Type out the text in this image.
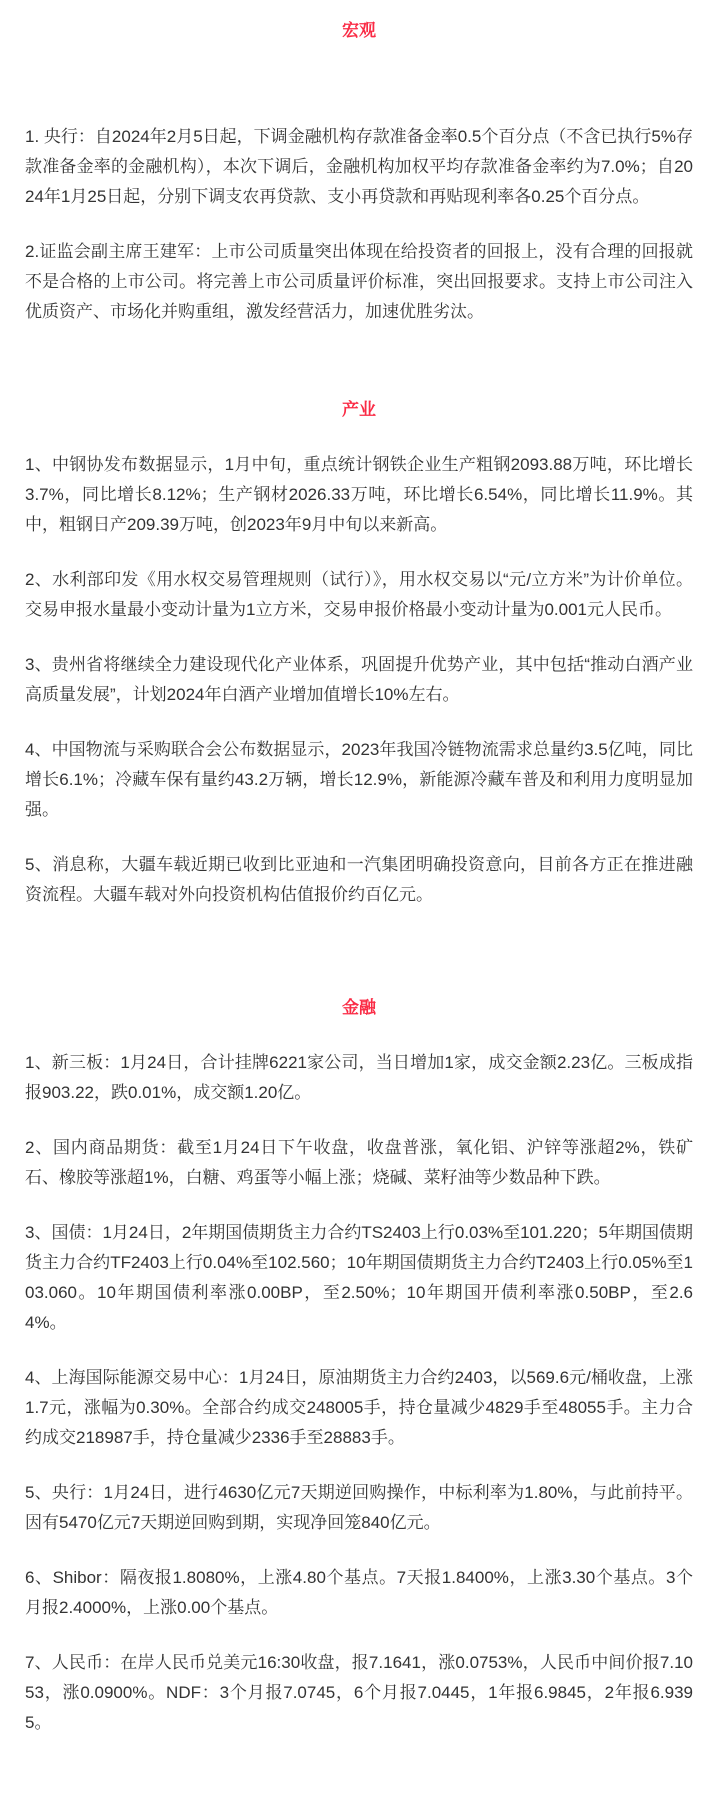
宏观

1. 央行：自2024年2月5日起，下调金融机构存款准备金率0.5个百分点（不含已执行5%存款准备金率的金融机构），本次下调后，金融机构加权平均存款准备金率约为7.0%；自2024年1月25日起，分别下调支农再贷款、支小再贷款和再贴现利率各0.25个百分点。

2.证监会副主席王建军：上市公司质量突出体现在给投资者的回报上，没有合理的回报就不是合格的上市公司。将完善上市公司质量评价标准，突出回报要求。支持上市公司注入优质资产、市场化并购重组，激发经营活力，加速优胜劣汰。

产业

1、中钢协发布数据显示，1月中旬，重点统计钢铁企业生产粗钢2093.88万吨，环比增长3.7%，同比增长8.12%；生产钢材2026.33万吨，环比增长6.54%，同比增长11.9%。其中，粗钢日产209.39万吨，创2023年9月中旬以来新高。

2、水利部印发《用水权交易管理规则（试行）》，用水权交易以“元/立方米”为计价单位。交易申报水量最小变动计量为1立方米，交易申报价格最小变动计量为0.001元人民币。

3、贵州省将继续全力建设现代化产业体系，巩固提升优势产业，其中包括“推动白酒产业高质量发展”，计划2024年白酒产业增加值增长10%左右。

4、中国物流与采购联合会公布数据显示，2023年我国冷链物流需求总量约3.5亿吨，同比增长6.1%；冷藏车保有量约43.2万辆，增长12.9%，新能源冷藏车普及和利用力度明显加强。

5、消息称，大疆车载近期已收到比亚迪和一汽集团明确投资意向，目前各方正在推进融资流程。大疆车载对外向投资机构估值报价约百亿元。

金融

1、新三板：1月24日，合计挂牌6221家公司，当日增加1家，成交金额2.23亿。三板成指报903.22，跌0.01%，成交额1.20亿。

2、国内商品期货：截至1月24日下午收盘，收盘普涨，氧化铝、沪锌等涨超2%，铁矿石、橡胶等涨超1%，白糖、鸡蛋等小幅上涨；烧碱、菜籽油等少数品种下跌。

3、国债：1月24日，2年期国债期货主力合约TS2403上行0.03%至101.220；5年期国债期货主力合约TF2403上行0.04%至102.560；10年期国债期货主力合约T2403上行0.05%至103.060。10年期国债利率涨0.00BP，至2.50%；10年期国开债利率涨0.50BP，至2.64%。

4、上海国际能源交易中心：1月24日，原油期货主力合约2403，以569.6元/桶收盘，上涨1.7元，涨幅为0.30%。全部合约成交248005手，持仓量减少4829手至48055手。主力合约成交218987手，持仓量减少2336手至28883手。

5、央行：1月24日，进行4630亿元7天期逆回购操作，中标利率为1.80%，与此前持平。因有5470亿元7天期逆回购到期，实现净回笼840亿元。

6、Shibor：隔夜报1.8080%，上涨4.80个基点。7天报1.8400%，上涨3.30个基点。3个月报2.4000%，上涨0.00个基点。

7、人民币：在岸人民币兑美元16:30收盘，报7.1641，涨0.0753%，人民币中间价报7.1053，涨0.0900%。NDF：3个月报7.0745，6个月报7.0445，1年报6.9845，2年报6.9395。
